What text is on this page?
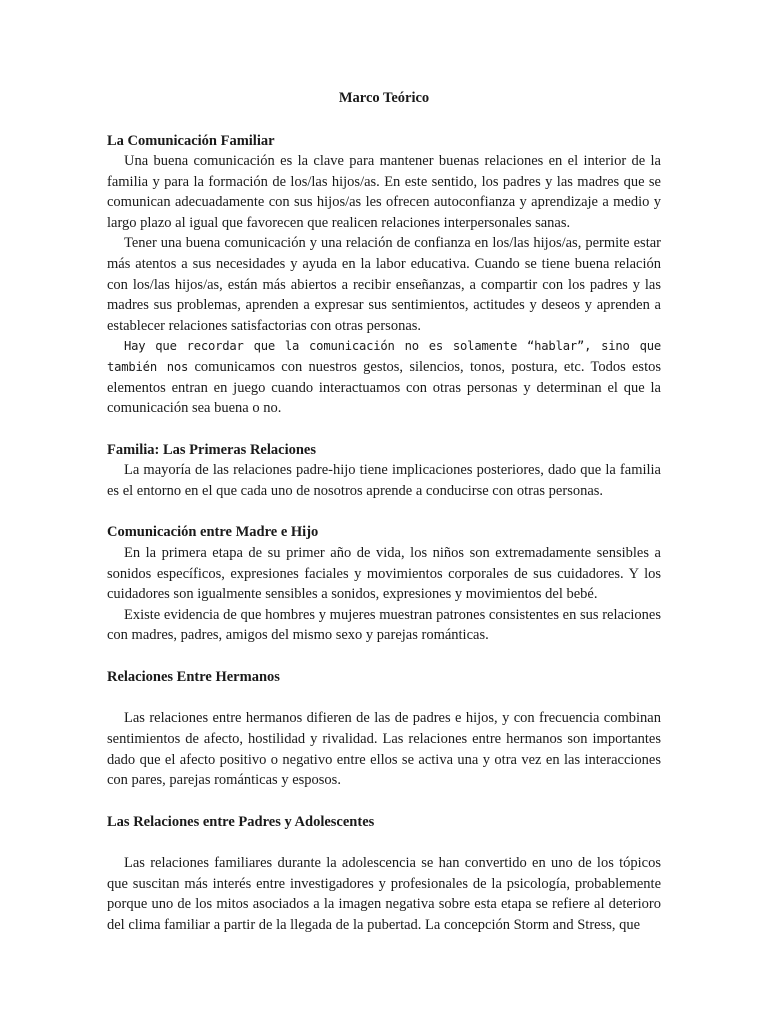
Marco Teórico
La Comunicación Familiar

Una buena comunicación es la clave para mantener buenas relaciones en el interior de la familia y para la formación de los/las hijos/as. En este sentido, los padres y las madres que se comunican adecuadamente con sus hijos/as les ofrecen autoconfianza y aprendizaje a medio y largo plazo al igual que favorecen que realicen relaciones interpersonales sanas.

Tener una buena comunicación y una relación de confianza en los/las hijos/as, permite estar más atentos a sus necesidades y ayuda en la labor educativa. Cuando se tiene buena relación con los/las hijos/as, están más abiertos a recibir enseñanzas, a compartir con los padres y las madres sus problemas, aprenden a expresar sus sentimientos, actitudes y deseos y aprenden a establecer relaciones satisfactorias con otras personas.

Hay que recordar que la comunicación no es solamente “hablar”, sino que también nos comunicamos con nuestros gestos, silencios, tonos, postura, etc. Todos estos elementos entran en juego cuando interactuamos con otras personas y determinan el que la comunicación sea buena o no.

Familia: Las Primeras Relaciones

La mayoría de las relaciones padre-hijo tiene implicaciones posteriores, dado que la familia es el entorno en el que cada uno de nosotros aprende a conducirse con otras personas.

Comunicación entre Madre e Hijo

En la primera etapa de su primer año de vida, los niños son extremadamente sensibles a sonidos específicos, expresiones faciales y movimientos corporales de sus cuidadores. Y los cuidadores son igualmente sensibles a sonidos, expresiones y movimientos del bebé.

Existe evidencia de que hombres y mujeres muestran patrones consistentes en sus relaciones con madres, padres, amigos del mismo sexo y parejas románticas.

Relaciones Entre Hermanos

Las relaciones entre hermanos difieren de las de padres e hijos, y con frecuencia combinan sentimientos de afecto, hostilidad y rivalidad. Las relaciones entre hermanos son importantes dado que el afecto positivo o negativo entre ellos se activa una y otra vez en las interacciones con pares, parejas románticas y esposos.

Las Relaciones entre Padres y Adolescentes

Las relaciones familiares durante la adolescencia se han convertido en uno de los tópicos que suscitan más interés entre investigadores y profesionales de la psicología, probablemente porque uno de los mitos asociados a la imagen negativa sobre esta etapa se refiere al deterioro del clima familiar a partir de la llegada de la pubertad. La concepción Storm and Stress, que
